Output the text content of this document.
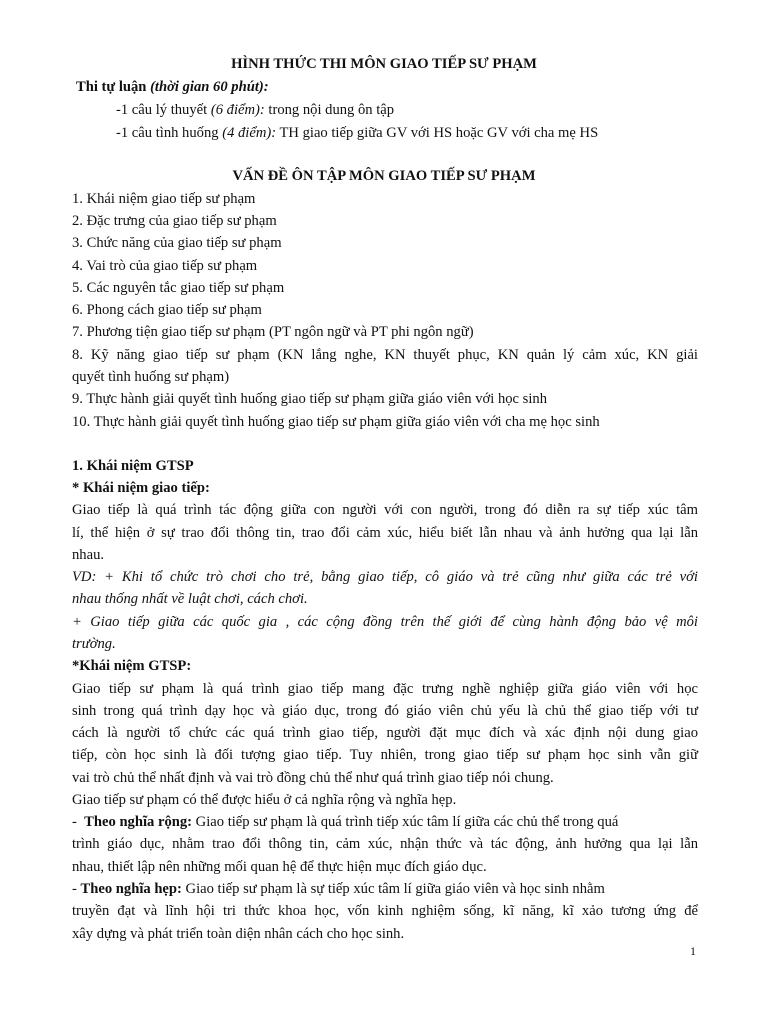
HÌNH THỨC THI MÔN GIAO TIẾP SƯ PHẠM
Thi tự luận (thời gian 60 phút):
-1 câu lý thuyết (6 điểm): trong nội dung ôn tập
-1 câu tình huống (4 điểm): TH giao tiếp giữa GV với HS hoặc GV với cha mẹ HS
VẤN ĐỀ ÔN TẬP MÔN GIAO TIẾP SƯ PHẠM
1. Khái niệm giao tiếp sư phạm
2. Đặc trưng của giao tiếp sư phạm
3. Chức năng của giao tiếp sư phạm
4. Vai trò của giao tiếp sư phạm
5. Các nguyên tắc giao tiếp sư phạm
6. Phong cách giao tiếp sư phạm
7. Phương tiện giao tiếp sư phạm (PT ngôn ngữ và PT phi ngôn ngữ)
8. Kỹ năng giao tiếp sư phạm (KN lắng nghe, KN thuyết phục, KN quản lý cảm xúc, KN giải
quyết tình huống sư phạm)
9. Thực hành giải quyết tình huống giao tiếp sư phạm giữa giáo viên với học sinh
10. Thực hành giải quyết tình huống giao tiếp sư phạm giữa giáo viên với cha mẹ học sinh
1. Khái niệm GTSP
* Khái niệm giao tiếp:
Giao tiếp là quá trình tác động giữa con người với con người, trong đó diễn ra sự tiếp xúc tâm
lí, thể hiện ở sự trao đổi thông tin, trao đổi cảm xúc, hiểu biết lẫn nhau và ảnh hưởng qua lại lẫn
nhau.
VD: + Khi tổ chức trò chơi cho trẻ, bằng giao tiếp, cô giáo và trẻ cũng như giữa các trẻ với
nhau thống nhất về luật chơi, cách chơi.
+ Giao tiếp giữa các quốc gia , các cộng đồng trên thế giới để cùng hành động bảo vệ môi
trường.
*Khái niệm GTSP:
Giao tiếp sư phạm là quá trình giao tiếp mang đặc trưng nghề nghiệp giữa giáo viên với học
sinh trong quá trình dạy học và giáo dục, trong đó giáo viên chủ yếu là chủ thể giao tiếp với tư
cách là người tổ chức các quá trình giao tiếp, người đặt mục đích và xác định nội dung giao
tiếp, còn học sinh là đối tượng giao tiếp. Tuy nhiên, trong giao tiếp sư phạm học sinh vẫn giữ
vai trò chủ thể nhất định và vai trò đồng chủ thể như quá trình giao tiếp nói chung.
Giao tiếp sư phạm có thể được hiểu ở cả nghĩa rộng và nghĩa hẹp.
-  Theo nghĩa rộng: Giao tiếp sư phạm là quá trình tiếp xúc tâm lí giữa các chủ thể trong quá
trình giáo dục, nhằm trao đổi thông tin, cảm xúc, nhận thức và tác động, ảnh hưởng qua lại lẫn
nhau, thiết lập nên những mối quan hệ để thực hiện mục đích giáo dục.
- Theo nghĩa hẹp: Giao tiếp sư phạm là sự tiếp xúc tâm lí giữa giáo viên và học sinh nhằm
truyền đạt và lĩnh hội tri thức khoa học, vốn kinh nghiệm sống, kĩ năng, kĩ xảo tương ứng để
xây dựng và phát triển toàn diện nhân cách cho học sinh.
1
